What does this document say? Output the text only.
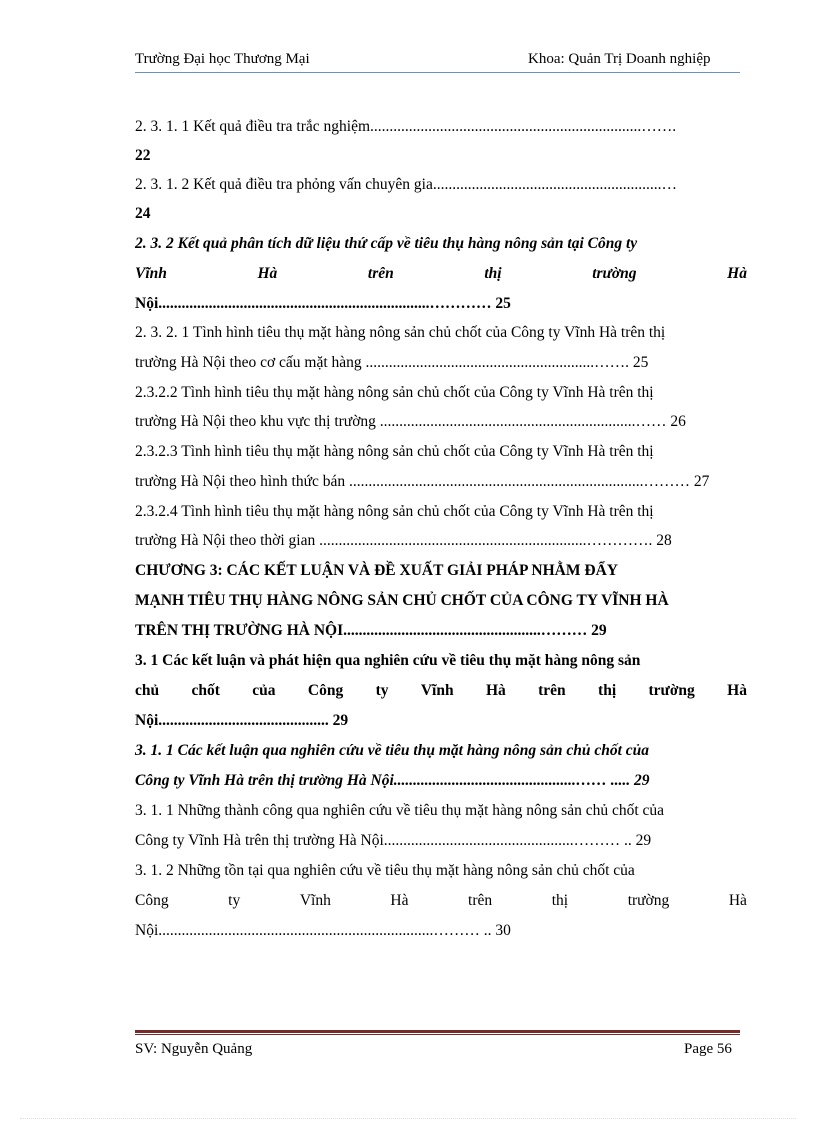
Trường Đại học Thương Mại	Khoa: Quản Trị Doanh nghiệp
2. 3. 1. 1 Kết quả điều tra trắc nghiệm......................................................................…….
22
2. 3. 1. 2 Kết quả điều tra phỏng vấn chuyên gia...........................................................…
24
2. 3. 2 Kết quả phân tích dữ liệu thứ cấp về tiêu thụ hàng nông sản tại Công ty
Vĩnh	Hà	trên	thị	trường	Hà
Nội......................................................................………… 25
2. 3. 2. 1 Tình hình tiêu thụ mặt hàng nông sản chủ chốt của Công ty Vĩnh Hà trên thị
trường Hà Nội theo cơ cấu mặt hàng ...........................................................……. 25
2.3.2.2 Tình hình tiêu thụ mặt hàng nông sản chủ chốt của Công ty Vĩnh Hà trên thị
trường Hà Nội theo khu vực thị trường ..................................................................…… 26
2.3.2.3 Tình hình tiêu thụ mặt hàng nông sản chủ chốt của Công ty Vĩnh Hà trên thị
trường Hà Nội theo hình thức bán ............................................................................……… 27
2.3.2.4 Tình hình tiêu thụ mặt hàng nông sản chủ chốt của Công ty Vĩnh Hà trên thị
trường Hà Nội theo thời gian .....................................................................…………. 28
CHƯƠNG 3: CÁC KẾT LUẬN VÀ ĐỀ XUẤT GIẢI PHÁP NHẰM ĐẨY
MẠNH TIÊU THỤ HÀNG NÔNG SẢN CHỦ CHỐT CỦA CÔNG TY VĨNH HÀ
TRÊN THỊ TRƯỜNG HÀ NỘI...................................................……… 29
3. 1 Các kết luận và phát hiện qua nghiên cứu về tiêu thụ mặt hàng nông sản
chủ chốt của Công ty Vĩnh Hà trên thị trường Hà
Nội............................................ 29
3. 1. 1 Các kết luận qua nghiên cứu về tiêu thụ mặt hàng nông sản chủ chốt của
Công ty Vĩnh Hà trên thị trường Hà Nội...............................................…… ..... 29
3. 1. 1 Những thành công qua nghiên cứu về tiêu thụ mặt hàng nông sản chủ chốt của
Công ty Vĩnh Hà trên thị trường Hà Nội.................................................……… .. 29
3. 1. 2 Những tồn tại qua nghiên cứu về tiêu thụ mặt hàng nông sản chủ chốt của
Công	ty	Vĩnh	Hà	trên	thị	trường	Hà
Nội.......................................................................……… .. 30
SV: Nguyễn Quảng	Page 56
